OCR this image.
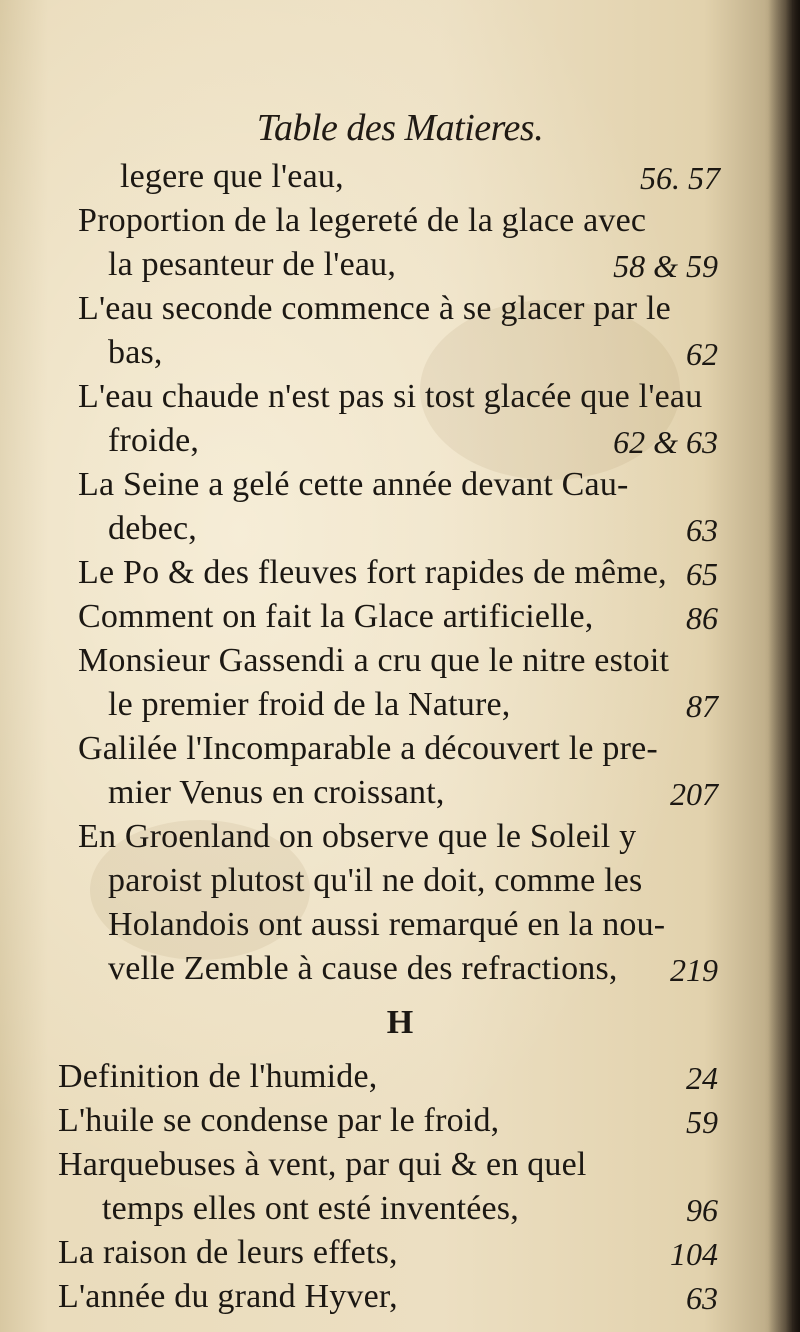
Table des Matieres.
legere que l'eau,	56. 57
Proportion de la legereté de la glace avec
la pesanteur de l'eau,	58 & 59
L'eau seconde commence à se glacer par le
bas,	62
L'eau chaude n'est pas si tost glacée que l'eau
froide,	62 & 63
La Seine a gelé cette année devant Cau-
debec,	63
Le Po & des fleuves fort rapides de même, 65
Comment on fait la Glace artificielle,	86
Monsieur Gassendi a cru que le nitre estoit
le premier froid de la Nature,	87
Galilée l'Incomparable a découvert le pre-
mier Venus en croissant,	207
En Groenland on observe que le Soleil y
paroist plutost qu'il ne doit, comme les
Holandois ont aussi remarqué en la nou-
velle Zemble à cause des refractions, 219
H
Definition de l'humide,	24
L'huile se condense par le froid,	59
Harquebuses à vent, par qui & en quel
temps elles ont esté inventées,	96
La raison de leurs effets,	104
L'année du grand Hyver,	63
